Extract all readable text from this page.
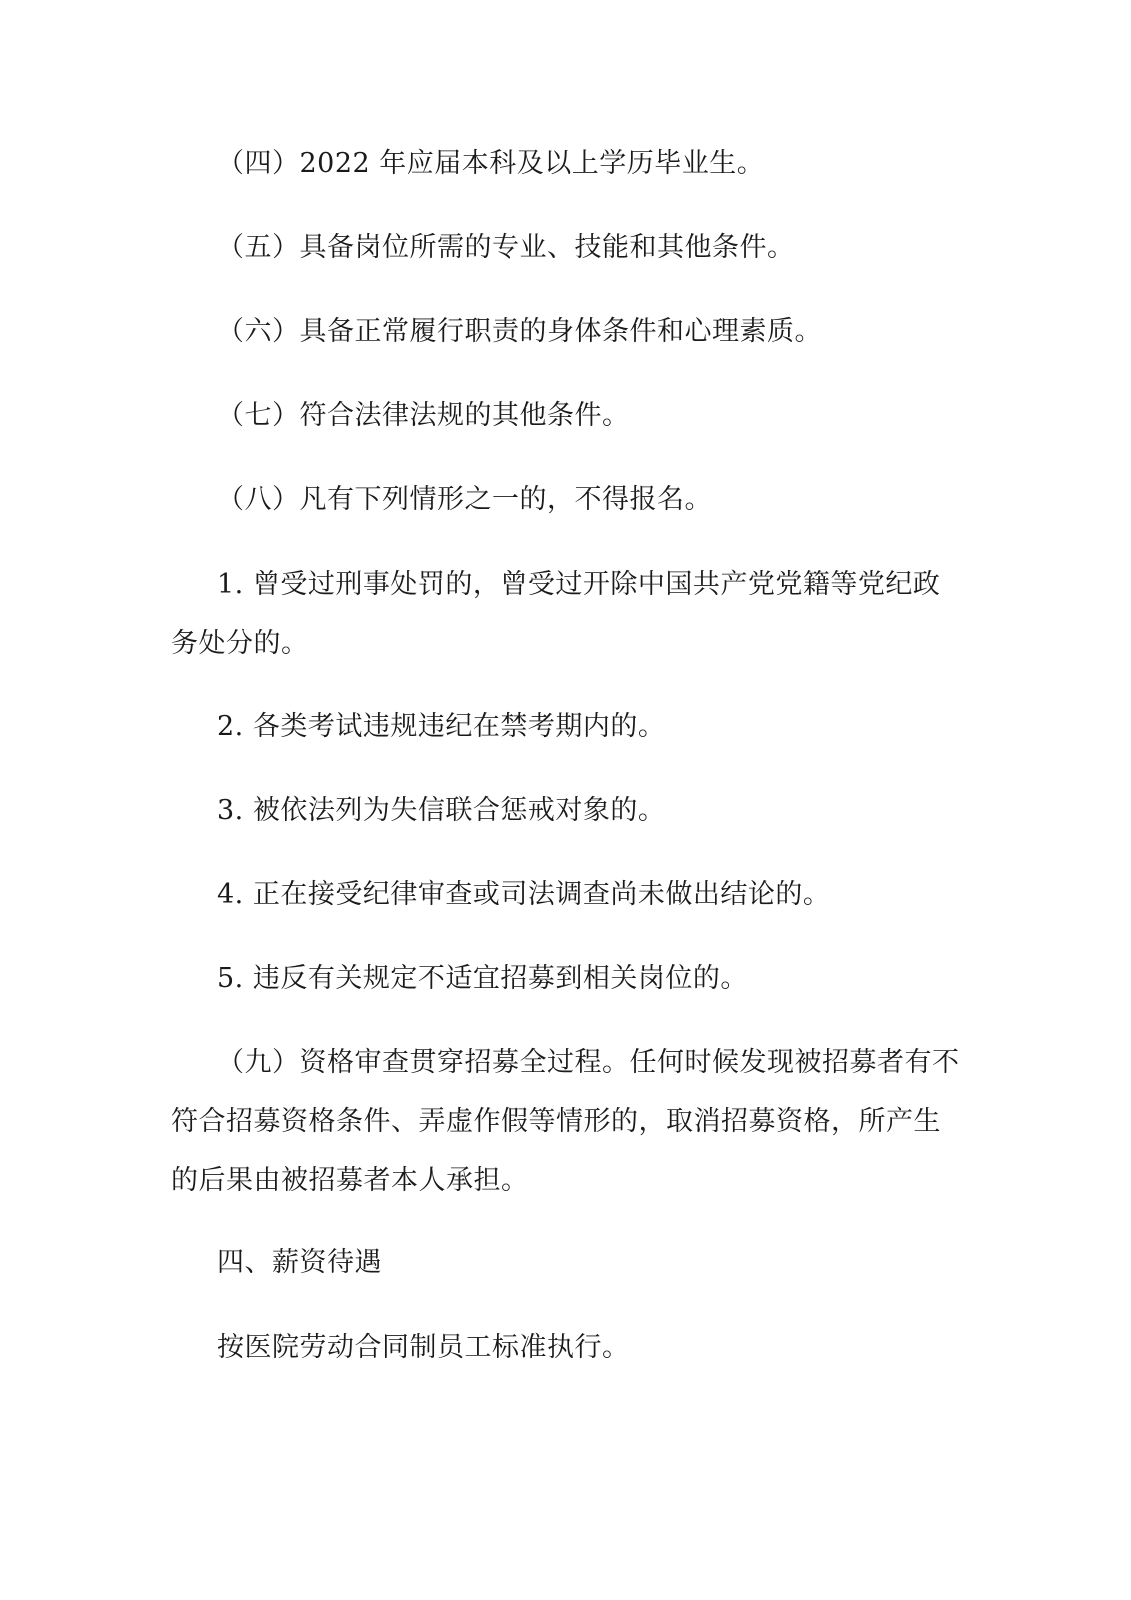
（四）2022 年应届本科及以上学历毕业生。

（五）具备岗位所需的专业、技能和其他条件。

（六）具备正常履行职责的身体条件和心理素质。

（七）符合法律法规的其他条件。

（八）凡有下列情形之一的，不得报名。

1. 曾受过刑事处罚的，曾受过开除中国共产党党籍等党纪政务处分的。

2. 各类考试违规违纪在禁考期内的。

3. 被依法列为失信联合惩戒对象的。

4. 正在接受纪律审查或司法调查尚未做出结论的。

5. 违反有关规定不适宜招募到相关岗位的。

（九）资格审查贯穿招募全过程。任何时候发现被招募者有不符合招募资格条件、弄虚作假等情形的，取消招募资格，所产生的后果由被招募者本人承担。

四、薪资待遇

按医院劳动合同制员工标准执行。
